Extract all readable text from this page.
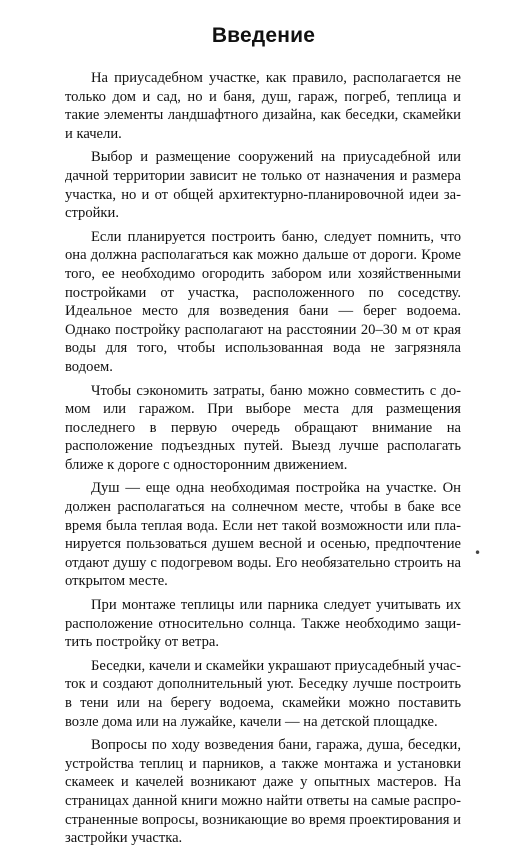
Введение

На приусадебном участке, как правило, располагается не только дом и сад, но и баня, душ, гараж, погреб, теплица и такие элементы ландшафтного дизайна, как беседки, скамейки и качели.

Выбор и размещение сооружений на приусадебной или дачной территории зависит не только от назначения и размера участка, но и от общей архитектурно-планировочной идеи застройки.

Если планируется построить баню, следует помнить, что она должна располагаться как можно дальше от дороги. Кроме того, ее необходимо огородить забором или хозяйственными постройками от участка, расположенного по соседству. Идеальное место для возведения бани — берег водоема. Однако постройку располагают на расстоянии 20–30 м от края воды для того, чтобы использованная вода не загрязняла водоем.

Чтобы сэкономить затраты, баню можно совместить с домом или гаражом. При выборе места для размещения последнего в первую очередь обращают внимание на расположение подъездных путей. Выезд лучше располагать ближе к дороге с односторонним движением.

Душ — еще одна необходимая постройка на участке. Он должен располагаться на солнечном месте, чтобы в баке все время была теплая вода. Если нет такой возможности или планируется пользоваться душем весной и осенью, предпочтение отдают душу с подогревом воды. Его необязательно строить на открытом месте.

При монтаже теплицы или парника следует учитывать их расположение относительно солнца. Также необходимо защитить постройку от ветра.

Беседки, качели и скамейки украшают приусадебный участок и создают дополнительный уют. Беседку лучше построить в тени или на берегу водоема, скамейки можно поставить возле дома или на лужайке, качели — на детской площадке.

Вопросы по ходу возведения бани, гаража, душа, беседки, устройства теплиц и парников, а также монтажа и установки скамеек и качелей возникают даже у опытных мастеров. На страницах данной книги можно найти ответы на самые распространенные вопросы, возникающие во время проектирования и застройки участка.

•
